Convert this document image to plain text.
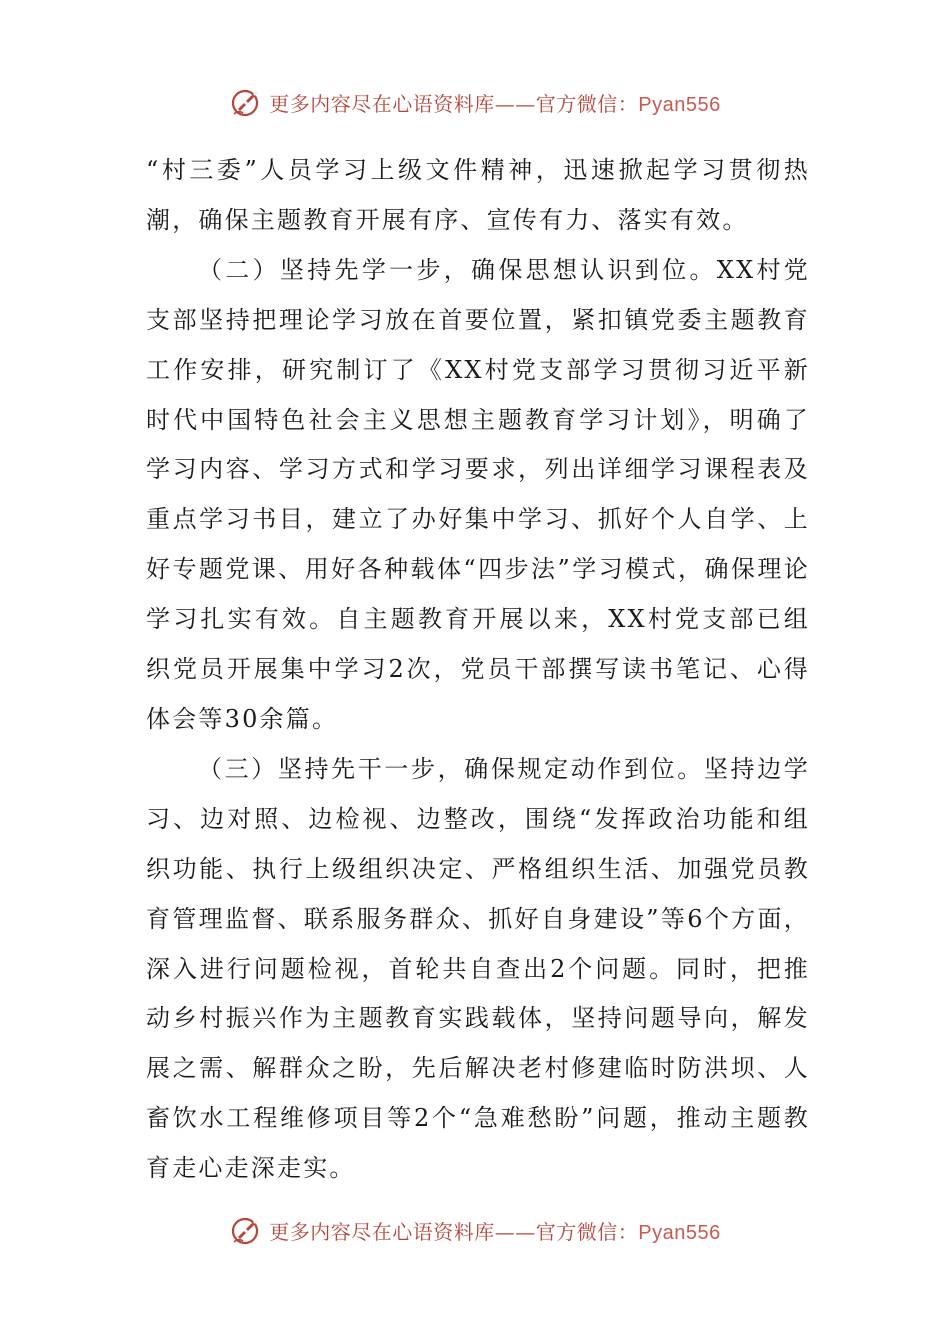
更多内容尽在心语资料库——官方微信：Pyan556

“村三委”人员学习上级文件精神，迅速掀起学习贯彻热潮，确保主题教育开展有序、宣传有力、落实有效。

（二）坚持先学一步，确保思想认识到位。XX村党支部坚持把理论学习放在首要位置，紧扣镇党委主题教育工作安排，研究制订了《XX村党支部学习贯彻习近平新时代中国特色社会主义思想主题教育学习计划》，明确了学习内容、学习方式和学习要求，列出详细学习课程表及重点学习书目，建立了办好集中学习、抓好个人自学、上好专题党课、用好各种载体“四步法”学习模式，确保理论学习扎实有效。自主题教育开展以来，XX村党支部已组织党员开展集中学习2次，党员干部撰写读书笔记、心得体会等30余篇。

（三）坚持先干一步，确保规定动作到位。坚持边学习、边对照、边检视、边整改，围绕“发挥政治功能和组织功能、执行上级组织决定、严格组织生活、加强党员教育管理监督、联系服务群众、抓好自身建设”等6个方面，深入进行问题检视，首轮共自查出2个问题。同时，把推动乡村振兴作为主题教育实践载体，坚持问题导向，解发展之需、解群众之盼，先后解决老村修建临时防洪坝、人畜饮水工程维修项目等2个“急难愁盼”问题，推动主题教育走心走深走实。

更多内容尽在心语资料库——官方微信：Pyan556
